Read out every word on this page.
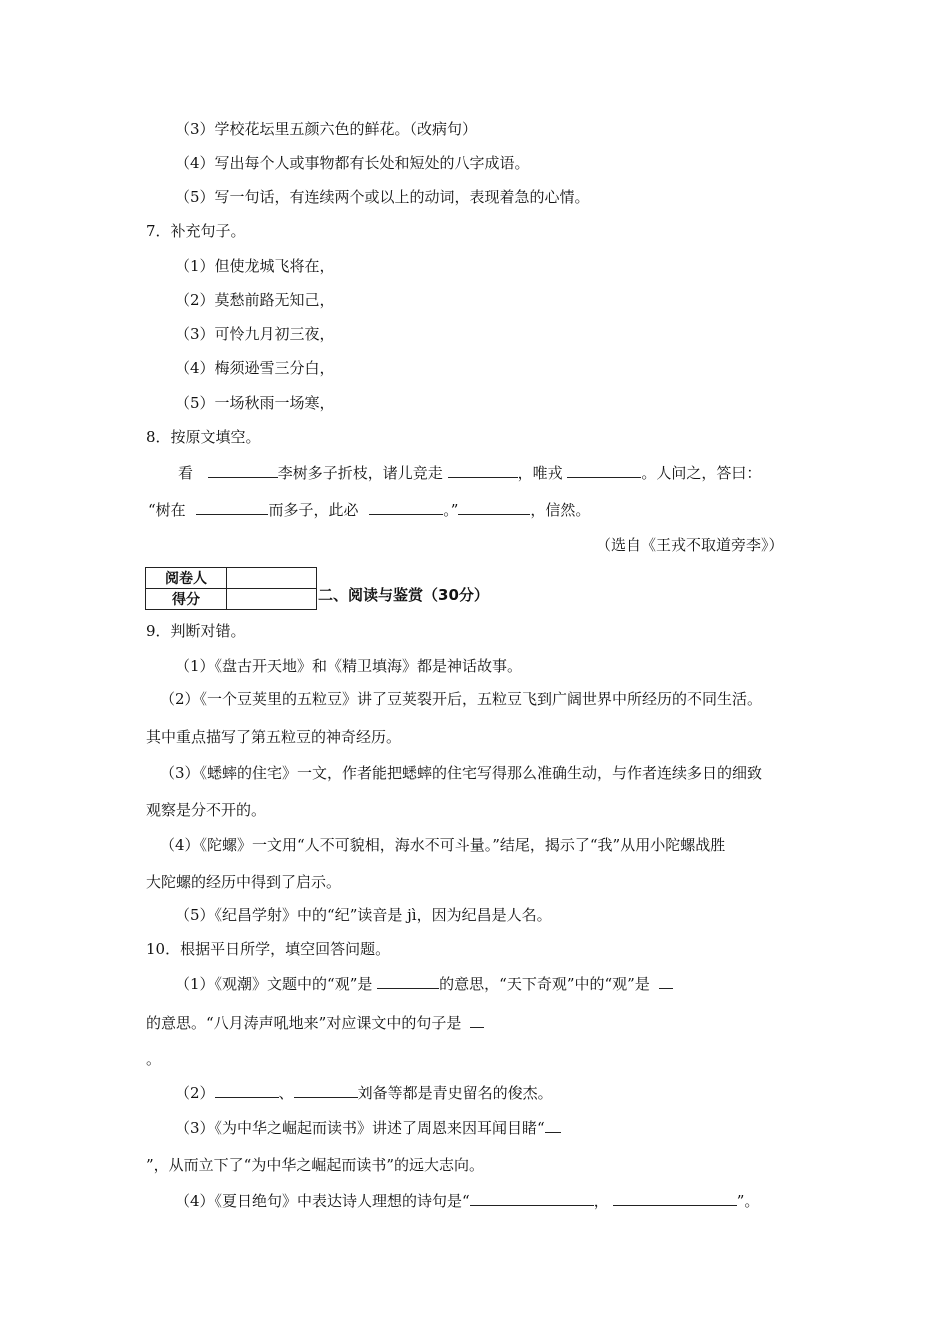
（3）学校花坛里五颜六色的鲜花。（改病句）
（4）写出每个人或事物都有长处和短处的八字成语。
（5）写一句话，有连续两个或以上的动词，表现着急的心情。
7．补充句子。
（1）但使龙城飞将在，
（2）莫愁前路无知己，
（3）可怜九月初三夜，
（4）梅须逊雪三分白，
（5）一场秋雨一场寒，
8．按原文填空。
看	李树多子折枝，诸儿竞走	，唯戎	。人问之，答曰：
“树在	而多子，此必	。”	，信然。
（选自《王戎不取道旁李》）
阅卷人	
得分		二、阅读与鉴赏（30分）
9．判断对错。
（1）《盘古开天地》和《精卫填海》都是神话故事。
（2）《一个豆荚里的五粒豆》讲了豆荚裂开后，五粒豆飞到广阔世界中所经历的不同生活。
其中重点描写了第五粒豆的神奇经历。
（3）《蟋蟀的住宅》一文，作者能把蟋蟀的住宅写得那么准确生动，与作者连续多日的细致
观察是分不开的。
（4）《陀螺》一文用“人不可貌相，海水不可斗量。”结尾，揭示了“我”从用小陀螺战胜
大陀螺的经历中得到了启示。
（5）《纪昌学射》中的“纪”读音是 jì，因为纪昌是人名。
10．根据平日所学，填空回答问题。
（1）《观潮》文题中的“观”是	的意思，“天下奇观”中的“观”是
的意思。“八月涛声吼地来”对应课文中的句子是
。
（2）	、	刘备等都是青史留名的俊杰。
（3）《为中华之崛起而读书》讲述了周恩来因耳闻目睹“
”，从而立下了“为中华之崛起而读书”的远大志向。
（4）《夏日绝句》中表达诗人理想的诗句是“	，	”。
